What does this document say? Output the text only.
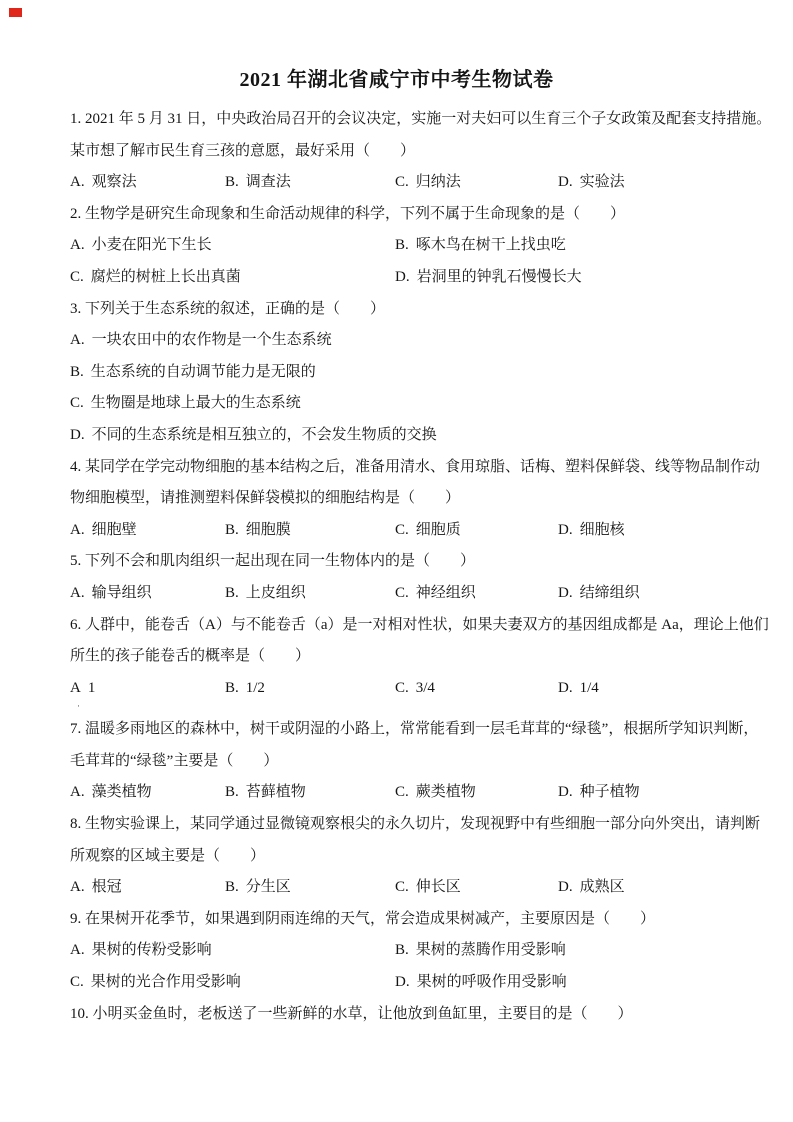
2021 年湖北省咸宁市中考生物试卷
1. 2021 年 5 月 31 日，中央政治局召开的会议决定，实施一对夫妇可以生育三个子女政策及配套支持措施。
某市想了解市民生育三孩的意愿，最好采用（　　）
A. 观察法	B. 调查法	C. 归纳法	D. 实验法
2. 生物学是研究生命现象和生命活动规律的科学，下列不属于生命现象的是（　　）
A. 小麦在阳光下生长	B. 啄木鸟在树干上找虫吃
C. 腐烂的树桩上长出真菌	D. 岩洞里的钟乳石慢慢长大
3. 下列关于生态系统的叙述，正确的是（　　）
A. 一块农田中的农作物是一个生态系统
B. 生态系统的自动调节能力是无限的
C. 生物圈是地球上最大的生态系统
D. 不同的生态系统是相互独立的，不会发生物质的交换
4. 某同学在学完动物细胞的基本结构之后，准备用清水、食用琼脂、话梅、塑料保鲜袋、线等物品制作动
物细胞模型，请推测塑料保鲜袋模拟的细胞结构是（　　）
A. 细胞壁	B. 细胞膜	C. 细胞质	D. 细胞核
5. 下列不会和肌肉组织一起出现在同一生物体内的是（　　）
A. 输导组织	B. 上皮组织	C. 神经组织	D. 结缔组织
6. 人群中，能卷舌（A）与不能卷舌（a）是一对相对性状，如果夫妻双方的基因组成都是 Aa，理论上他们
所生的孩子能卷舌的概率是（　　）
A 1	B. 1/2	C. 3/4	D. 1/4
·
7. 温暖多雨地区的森林中，树干或阴湿的小路上，常常能看到一层毛茸茸的“绿毯”，根据所学知识判断，
毛茸茸的“绿毯”主要是（　　）
A. 藻类植物	B. 苔藓植物	C. 蕨类植物	D. 种子植物
8. 生物实验课上，某同学通过显微镜观察根尖的永久切片，发现视野中有些细胞一部分向外突出，请判断
所观察的区域主要是（　　）
A. 根冠	B. 分生区	C. 伸长区	D. 成熟区
9. 在果树开花季节，如果遇到阴雨连绵的天气，常会造成果树减产，主要原因是（　　）
A. 果树的传粉受影响	B. 果树的蒸腾作用受影响
C. 果树的光合作用受影响	D. 果树的呼吸作用受影响
10. 小明买金鱼时，老板送了一些新鲜的水草，让他放到鱼缸里，主要目的是（　　）
